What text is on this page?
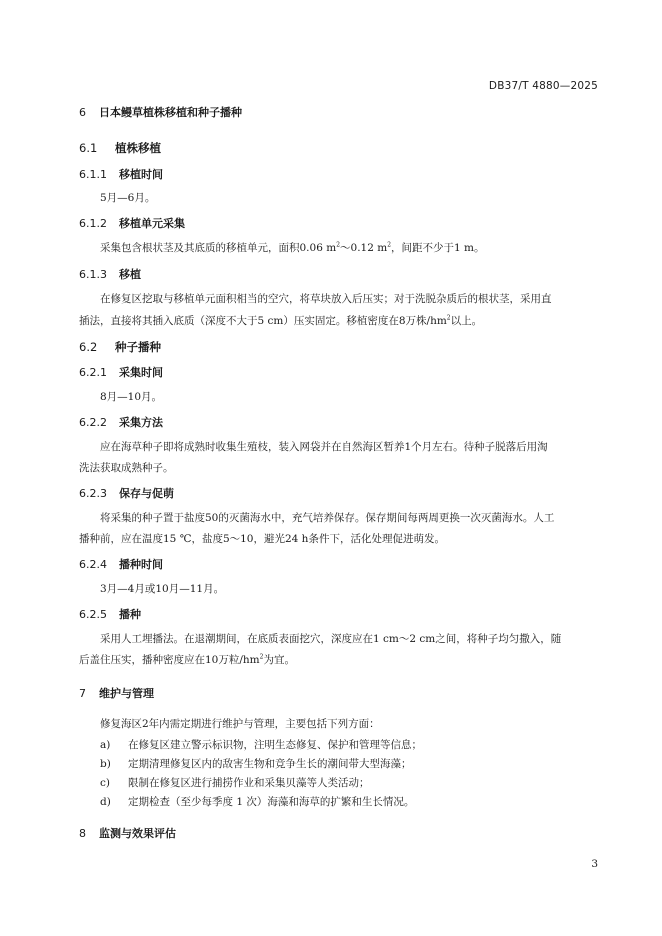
DB37/T 4880—2025
6 日本鳗草植株移植和种子播种
6.1 植株移植
6.1.1 移植时间
5月—6月。
6.1.2 移植单元采集
采集包含根状茎及其底质的移植单元，面积0.06 $m^2\sim 0.12$ $m^2$，间距不少于1 m。
6.1.3 移植
在修复区挖取与移植单元面积相当的空穴，将草块放入后压实；对于洗脱杂质后的根状茎，采用直
插法，直接将其插入底质（深度不大于5 cm）压实固定。移植密度在8万株$/hm^2$以上。
6.2 种子播种
6.2.1 采集时间
8月—10月。
6.2.2 采集方法
应在海草种子即将成熟时收集生殖枝，装入网袋并在自然海区暂养1个月左右。待种子脱落后用淘
洗法获取成熟种子。
6.2.3 保存与促萌
将采集的种子置于盐度50的灭菌海水中，充气培养保存。保存期间每两周更换一次灭菌海水。人工
播种前，应在温度15 ℃，盐度5～10，避光24 h条件下，活化处理促进萌发。
6.2.4 播种时间
3月—4月或10月—11月。
6.2.5 播种
采用人工埋播法。在退潮期间，在底质表面挖穴，深度应在1 cm～2 cm之间，将种子均匀撒入，随
后盖住压实，播种密度应在10万粒$/hm^2$为宜。
7 维护与管理
修复海区2年内需定期进行维护与管理，主要包括下列方面：
a) 在修复区建立警示标识物，注明生态修复、保护和管理等信息；
b) 定期清理修复区内的敌害生物和竞争生长的潮间带大型海藻；
c) 限制在修复区进行捕捞作业和采集贝藻等人类活动；
d) 定期检查（至少每季度 1 次）海藻和海草的扩繁和生长情况。
8 监测与效果评估
3
